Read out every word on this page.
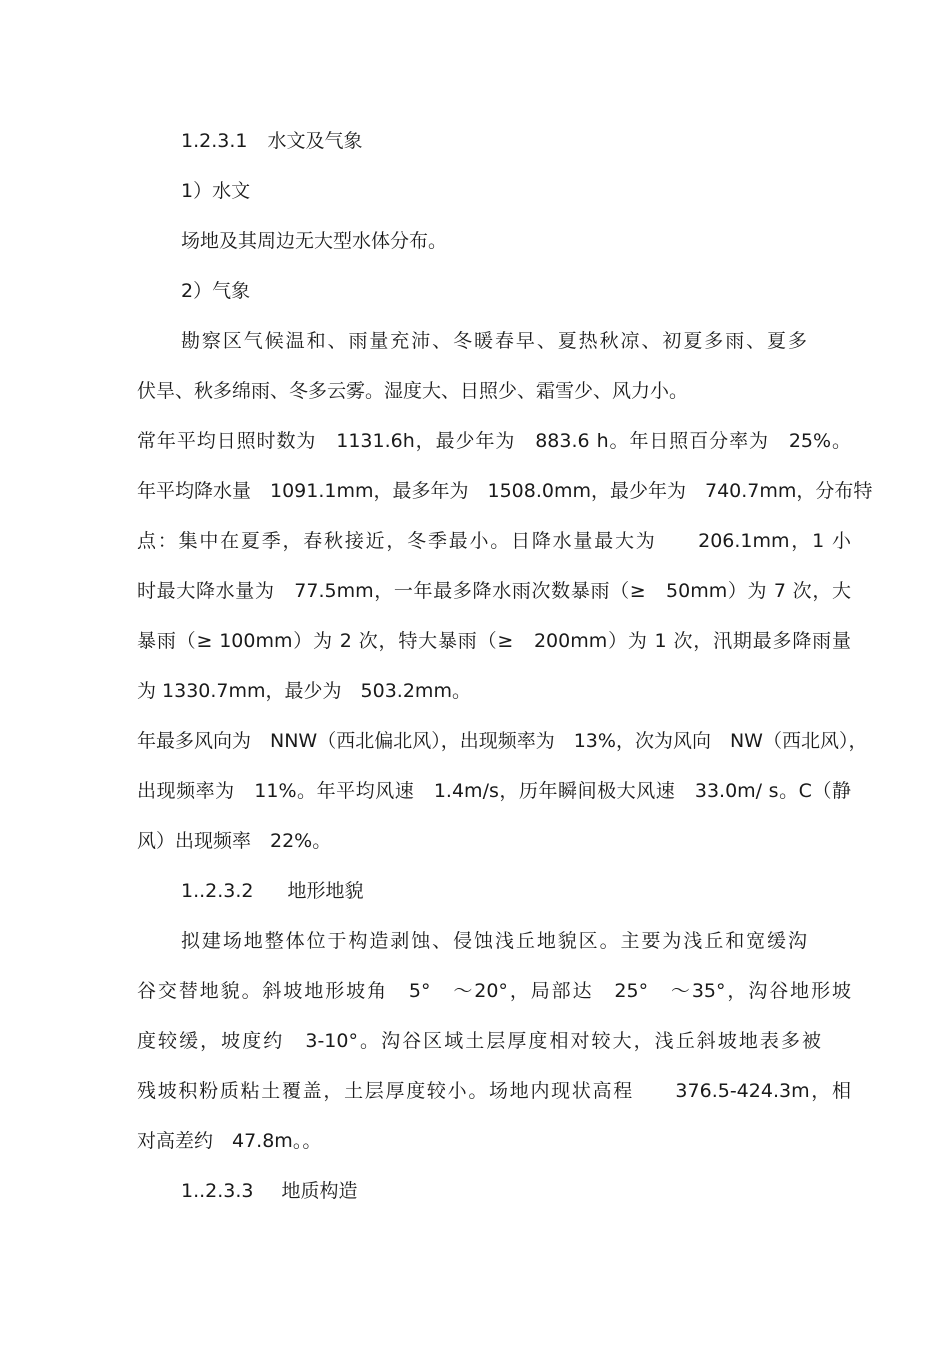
1.2.3.1 水文及气象
1）水文
场地及其周边无大型水体分布。
2）气象
勘察区气候温和、雨量充沛、冬暖春早、夏热秋凉、初夏多雨、夏多
伏旱、秋多绵雨、冬多云雾。湿度大、日照少、霜雪少、风力小。
常年平均日照时数为　1131.6h，最少年为　883.6 h。年日照百分率为　25%。
年平均降水量　1091.1mm，最多年为　1508.0mm，最少年为　740.7mm，分布特
点：集中在夏季，春秋接近，冬季最小。日降水量最大为　　206.1mm，1 小
时最大降水量为　77.5mm，一年最多降水雨次数暴雨（≥　50mm）为 7 次，大
暴雨（≥ 100mm）为 2 次，特大暴雨（≥　200mm）为 1 次，汛期最多降雨量
为 1330.7mm，最少为　503.2mm。
年最多风向为　NNW（西北偏北风），出现频率为　13%，次为风向　NW（西北风），
出现频率为　11%。年平均风速　1.4m/s，历年瞬间极大风速　33.0m/ s。C（静
风）出现频率　22%。
1..2.3.2 地形地貌
拟建场地整体位于构造剥蚀、侵蚀浅丘地貌区。主要为浅丘和宽缓沟
谷交替地貌。斜坡地形坡角　5°　～20°，局部达　25°　～35°，沟谷地形坡
度较缓，坡度约　3-10°。沟谷区域土层厚度相对较大，浅丘斜坡地表多被
残坡积粉质粘土覆盖，土层厚度较小。场地内现状高程　　376.5-424.3m，相
对高差约　47.8m。。
1..2.3.3 地质构造
